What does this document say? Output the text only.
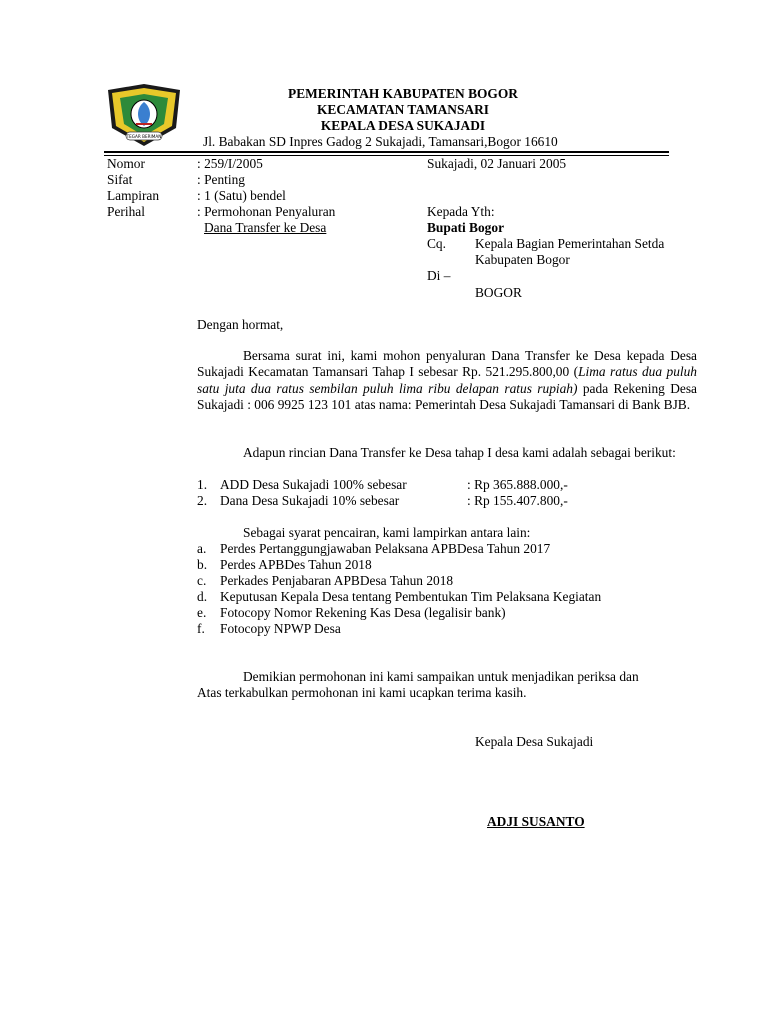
TEGAR BERIMAN
PEMERINTAH KABUPATEN BOGOR
KECAMATAN TAMANSARI
KEPALA DESA SUKAJADI
Jl. Babakan SD Inpres Gadog 2 Sukajadi, Tamansari,Bogor 16610
Nomor	: 259/I/2005
Sifat	: Penting
Lampiran	: 1 (Satu) bendel
Perihal	: Permohonan Penyaluran
Dana Transfer ke Desa
Sukajadi, 02 Januari 2005
Kepada Yth:
Bupati Bogor
Cq. Kepala Bagian Pemerintahan Setda
Kabupaten Bogor
Di –
BOGOR
Dengan hormat,
Bersama surat ini, kami mohon penyaluran Dana Transfer ke Desa kepada Desa Sukajadi Kecamatan Tamansari Tahap I sebesar Rp. 521.295.800,00 (Lima ratus dua puluh satu juta dua ratus sembilan puluh lima ribu delapan ratus rupiah) pada Rekening Desa Sukajadi : 006 9925 123 101 atas nama: Pemerintah Desa Sukajadi Tamansari di Bank BJB.
Adapun rincian Dana Transfer ke Desa tahap I desa kami adalah sebagai berikut:
1. ADD Desa Sukajadi 100% sebesar	: Rp 365.888.000,-
2. Dana Desa Sukajadi 10% sebesar	: Rp 155.407.800,-
Sebagai syarat pencairan, kami lampirkan antara lain:
a. Perdes Pertanggungjawaban Pelaksana APBDesa Tahun 2017
b. Perdes APBDes Tahun 2018
c. Perkades Penjabaran APBDesa Tahun 2018
d. Keputusan Kepala Desa tentang Pembentukan Tim Pelaksana Kegiatan
e. Fotocopy Nomor Rekening Kas Desa (legalisir bank)
f. Fotocopy NPWP Desa
Demikian permohonan ini kami sampaikan untuk menjadikan periksa dan
Atas terkabulkan permohonan ini kami ucapkan terima kasih.
Kepala Desa Sukajadi
ADJI SUSANTO
